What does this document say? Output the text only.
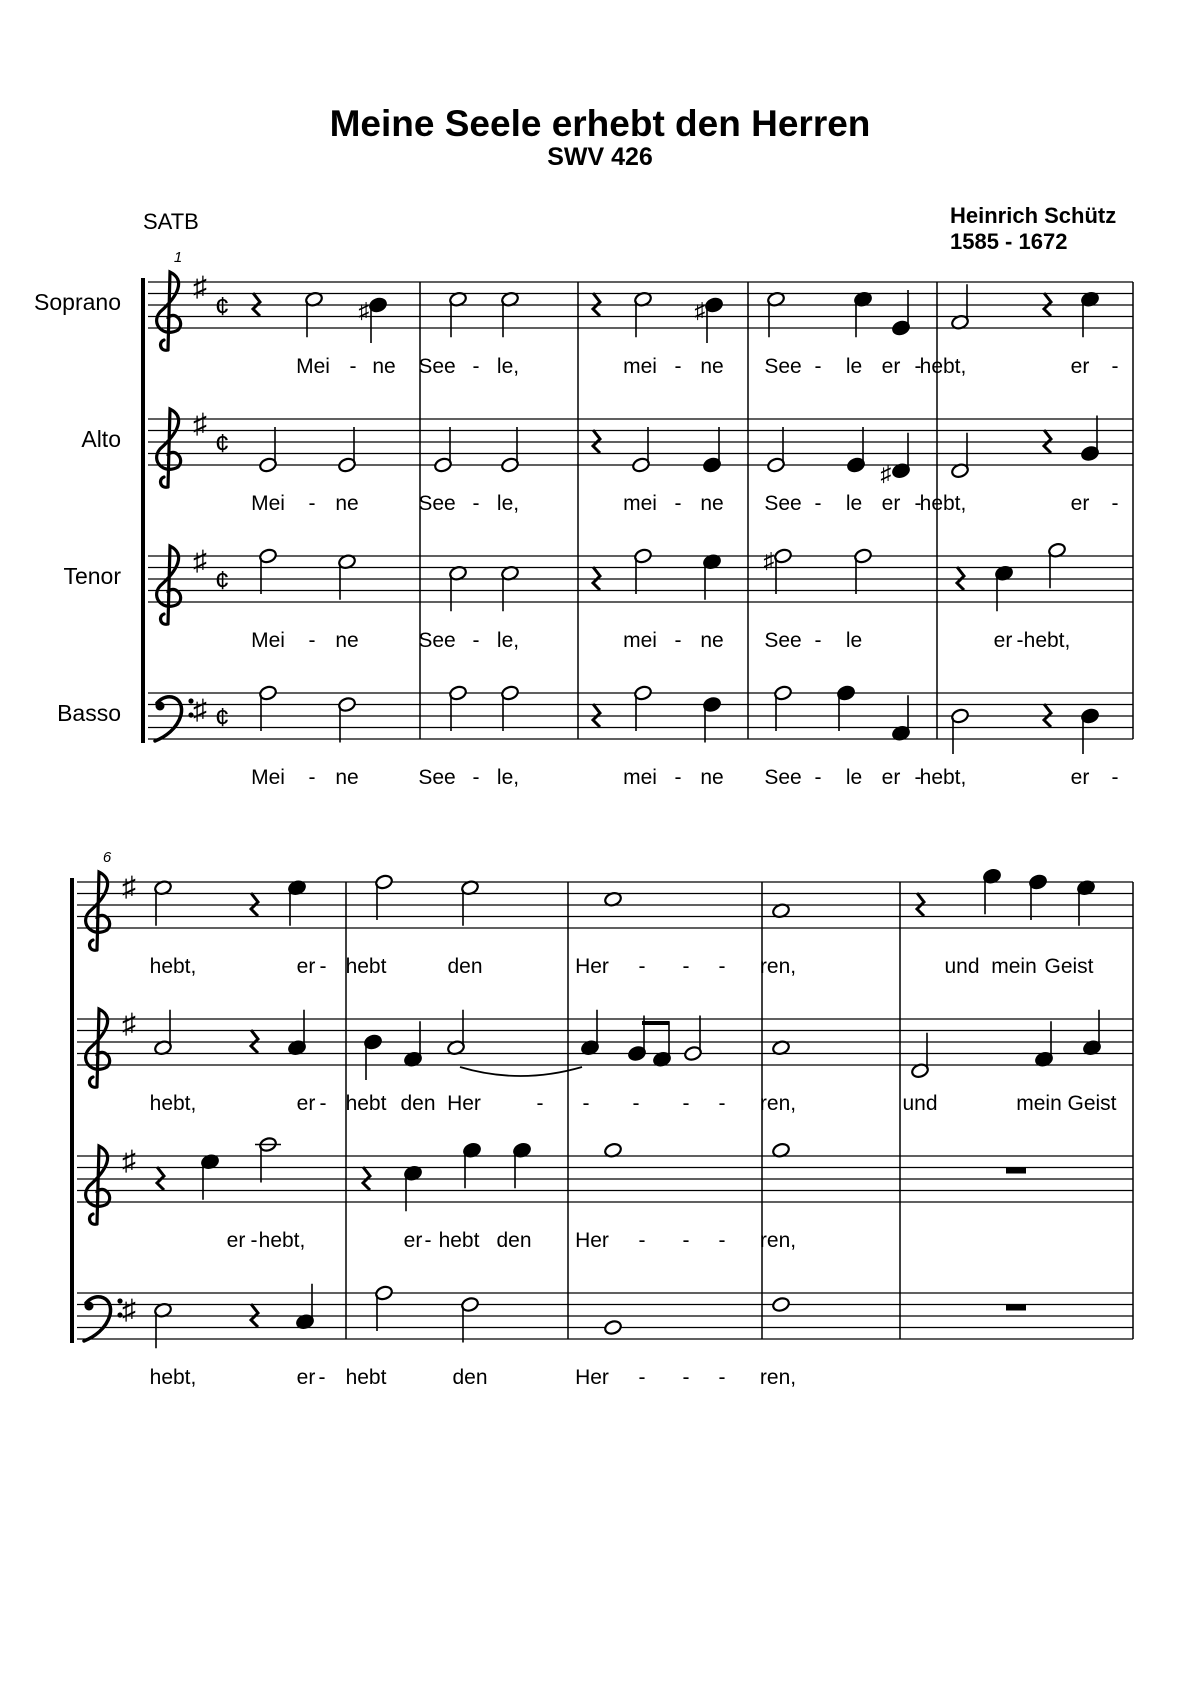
Meine Seele erhebt den Herren
SWV 426
SATB	Heinrich Schütz
1585 - 1672
1
♯
¢
Soprano
Mei - ne See - le,	mei - ne See - le er -
hebt,	er -
♯
¢
Alto
Mei - ne	See - le,	mei - ne See - le er -
hebt,	er -
♯
¢
Tenor
Mei - ne	See - le,	mei - ne See - le	er - hebt,
♯ ¢
Basso
Mei - ne	See - le,	mei - ne See - le er -
hebt,	er -
♯	♯
♯
♯
6
♯
hebt,	er - hebt	den	Her - - - ren,	und mein Geist
♯
hebt,	er - hebt den Her	- - - - - ren,	und	mein Geist
♯
er - hebt,	er - hebt den Her - - - ren,
♯
hebt,	er - hebt	den	Her - - - ren,
